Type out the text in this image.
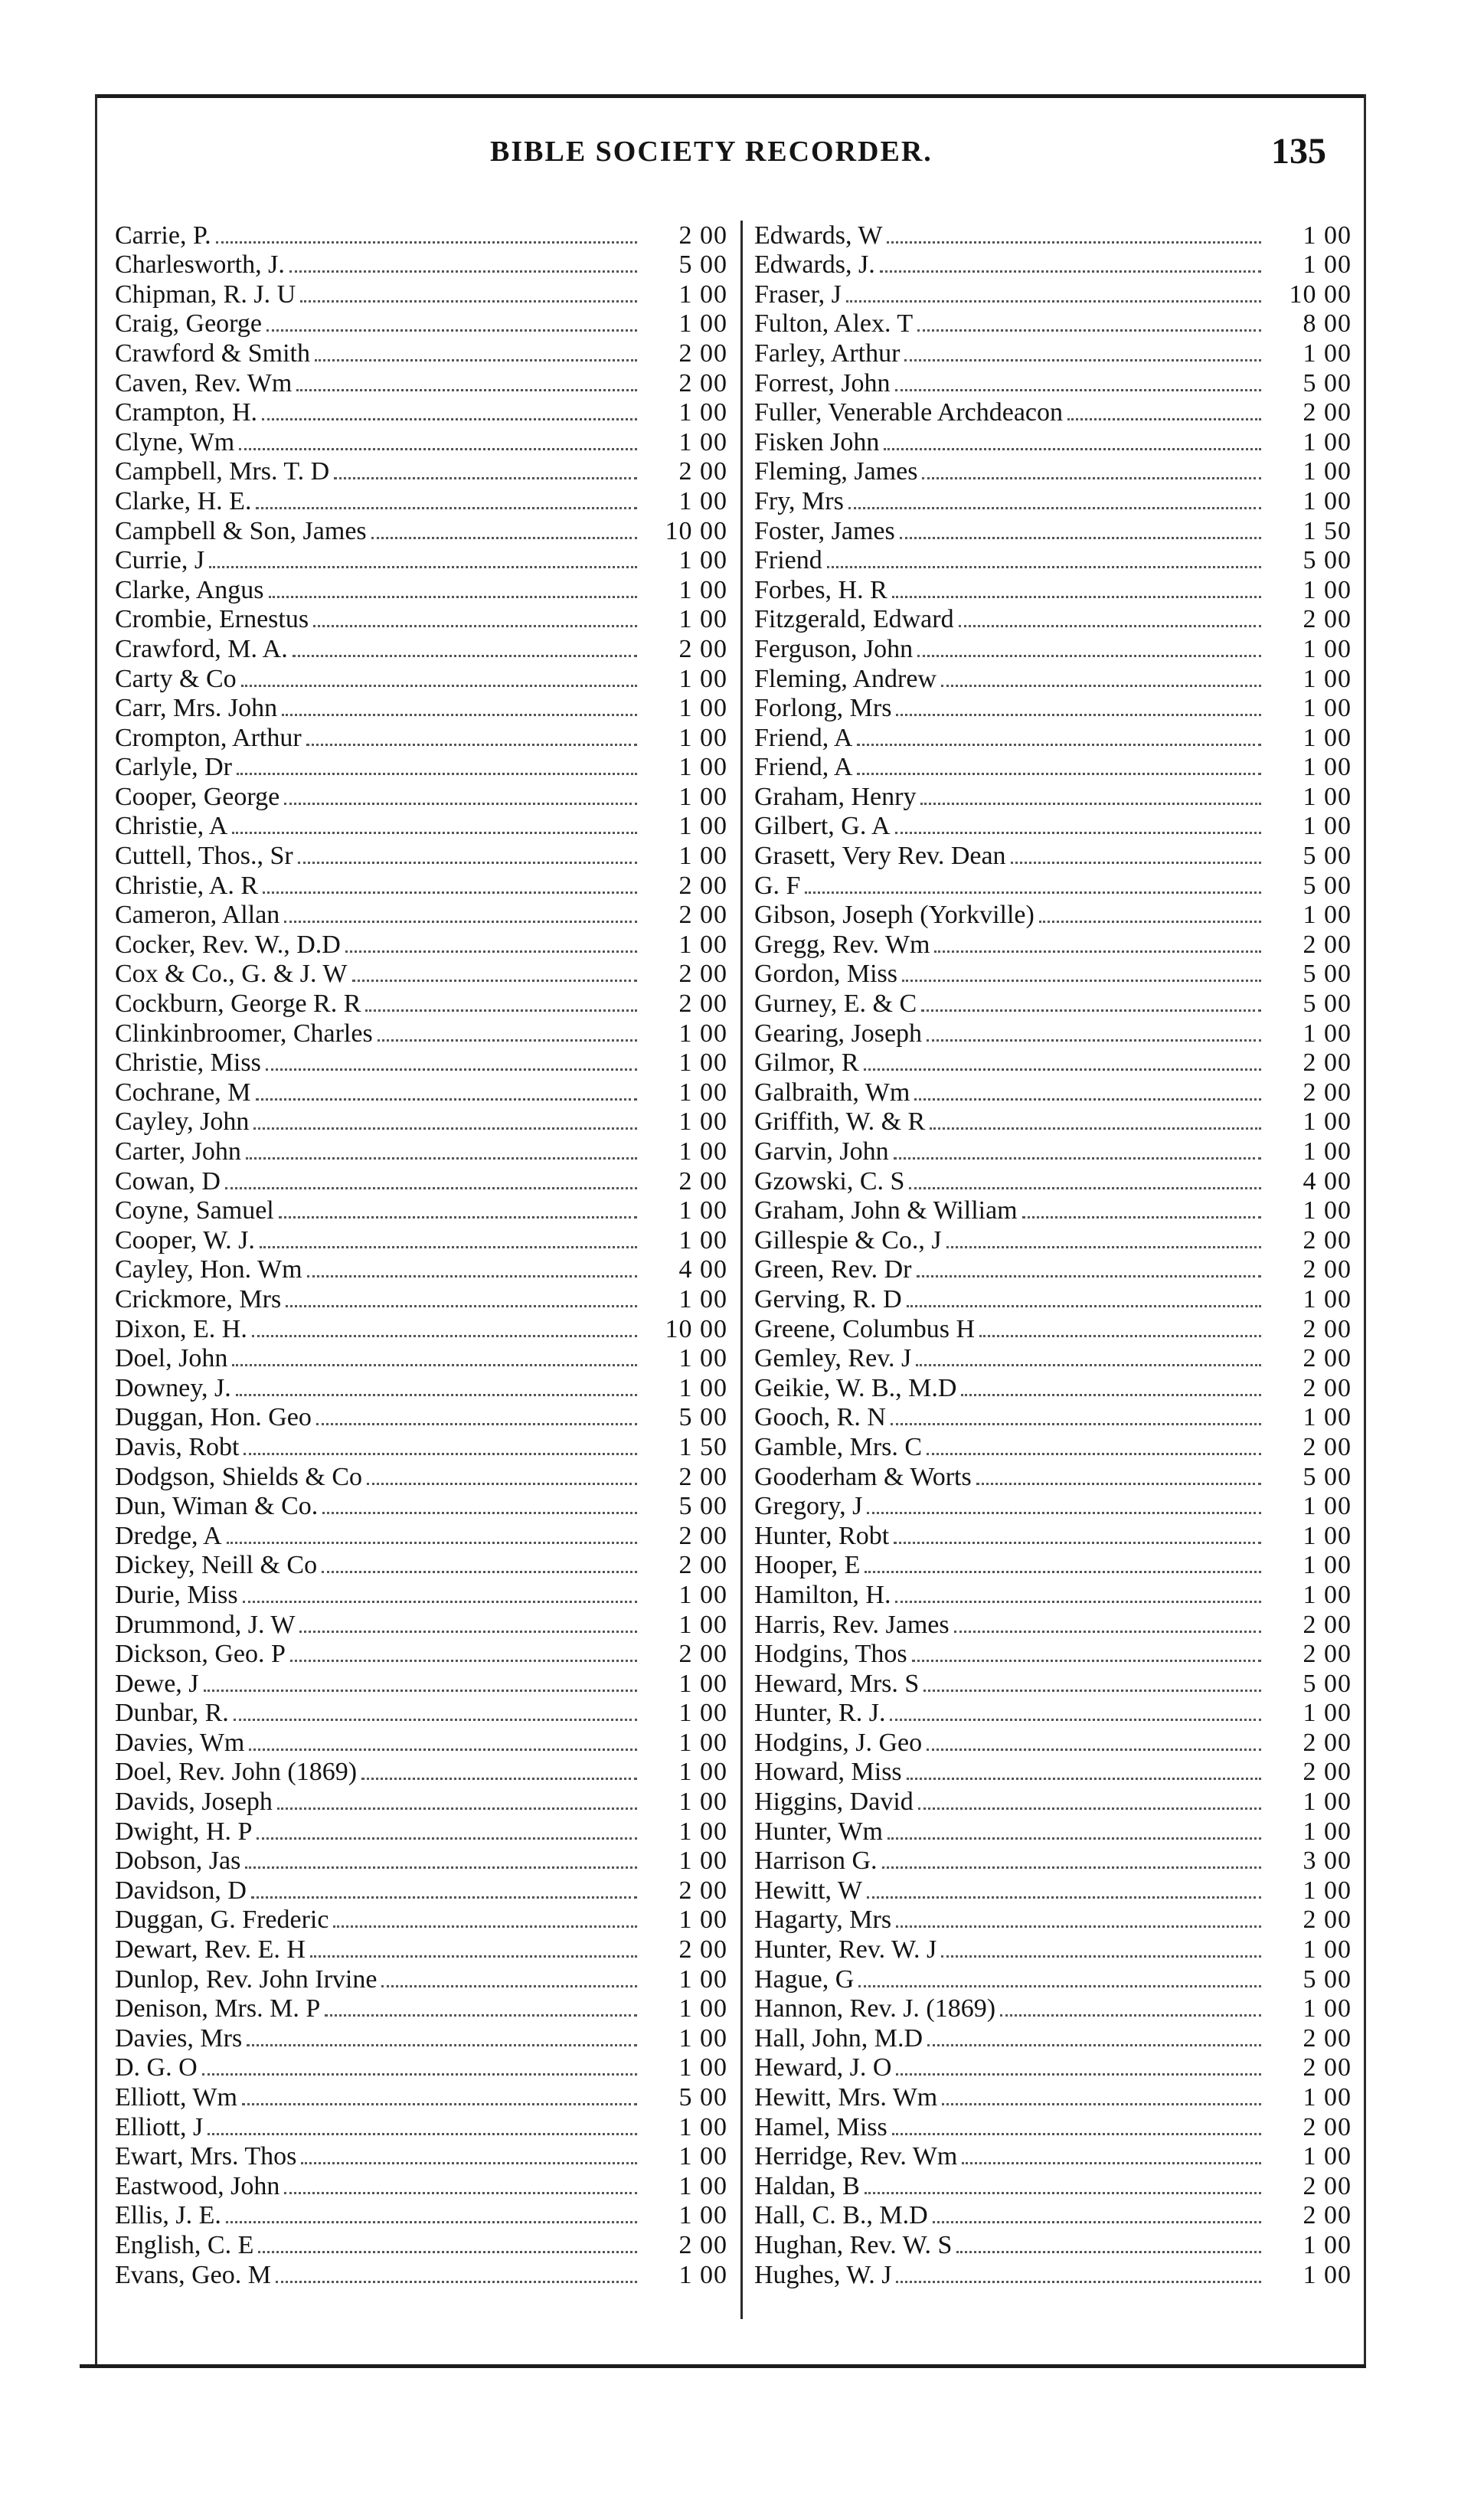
BIBLE SOCIETY RECORDER.	135
Carrie, P.	2 00
Charlesworth, J.	5 00
Chipman, R. J. U	1 00
Craig, George	1 00
Crawford & Smith	2 00
Caven, Rev. Wm	2 00
Crampton, H.	1 00
Clyne, Wm	1 00
Campbell, Mrs. T. D	2 00
Clarke, H. E.	1 00
Campbell & Son, James	10 00
Currie, J	1 00
Clarke, Angus	1 00
Crombie, Ernestus	1 00
Crawford, M. A.	2 00
Carty & Co	1 00
Carr, Mrs. John	1 00
Crompton, Arthur	1 00
Carlyle, Dr	1 00
Cooper, George	1 00
Christie, A	1 00
Cuttell, Thos., Sr	1 00
Christie, A. R	2 00
Cameron, Allan	2 00
Cocker, Rev. W., D.D	1 00
Cox & Co., G. & J. W	2 00
Cockburn, George R. R	2 00
Clinkinbroomer, Charles	1 00
Christie, Miss	1 00
Cochrane, M	1 00
Cayley, John	1 00
Carter, John	1 00
Cowan, D	2 00
Coyne, Samuel	1 00
Cooper, W. J.	1 00
Cayley, Hon. Wm	4 00
Crickmore, Mrs	1 00
Dixon, E. H.	10 00
Doel, John	1 00
Downey, J.	1 00
Duggan, Hon. Geo	5 00
Davis, Robt	1 50
Dodgson, Shields & Co	2 00
Dun, Wiman & Co.	5 00
Dredge, A	2 00
Dickey, Neill & Co	2 00
Durie, Miss	1 00
Drummond, J. W	1 00
Dickson, Geo. P	2 00
Dewe, J	1 00
Dunbar, R.	1 00
Davies, Wm	1 00
Doel, Rev. John (1869)	1 00
Davids, Joseph	1 00
Dwight, H. P	1 00
Dobson, Jas	1 00
Davidson, D	2 00
Duggan, G. Frederic	1 00
Dewart, Rev. E. H	2 00
Dunlop, Rev. John Irvine	1 00
Denison, Mrs. M. P	1 00
Davies, Mrs	1 00
D. G. O	1 00
Elliott, Wm	5 00
Elliott, J	1 00
Ewart, Mrs. Thos	1 00
Eastwood, John	1 00
Ellis, J. E.	1 00
English, C. E	2 00
Evans, Geo. M	1 00
Edwards, W	1 00
Edwards, J.	1 00
Fraser, J	10 00
Fulton, Alex. T	8 00
Farley, Arthur	1 00
Forrest, John	5 00
Fuller, Venerable Archdeacon	2 00
Fisken John	1 00
Fleming, James	1 00
Fry, Mrs	1 00
Foster, James	1 50
Friend	5 00
Forbes, H. R	1 00
Fitzgerald, Edward	2 00
Ferguson, John	1 00
Fleming, Andrew	1 00
Forlong, Mrs	1 00
Friend, A	1 00
Friend, A	1 00
Graham, Henry	1 00
Gilbert, G. A	1 00
Grasett, Very Rev. Dean	5 00
G. F	5 00
Gibson, Joseph (Yorkville)	1 00
Gregg, Rev. Wm	2 00
Gordon, Miss	5 00
Gurney, E. & C	5 00
Gearing, Joseph	1 00
Gilmor, R	2 00
Galbraith, Wm	2 00
Griffith, W. & R	1 00
Garvin, John	1 00
Gzowski, C. S	4 00
Graham, John & William	1 00
Gillespie & Co., J	2 00
Green, Rev. Dr	2 00
Gerving, R. D	1 00
Greene, Columbus H	2 00
Gemley, Rev. J	2 00
Geikie, W. B., M.D	2 00
Gooch, R. N	1 00
Gamble, Mrs. C	2 00
Gooderham & Worts	5 00
Gregory, J	1 00
Hunter, Robt	1 00
Hooper, E	1 00
Hamilton, H.	1 00
Harris, Rev. James	2 00
Hodgins, Thos	2 00
Heward, Mrs. S	5 00
Hunter, R. J.	1 00
Hodgins, J. Geo	2 00
Howard, Miss	2 00
Higgins, David	1 00
Hunter, Wm	1 00
Harrison G.	3 00
Hewitt, W	1 00
Hagarty, Mrs	2 00
Hunter, Rev. W. J	1 00
Hague, G	5 00
Hannon, Rev. J. (1869)	1 00
Hall, John, M.D	2 00
Heward, J. O	2 00
Hewitt, Mrs. Wm	1 00
Hamel, Miss	2 00
Herridge, Rev. Wm	1 00
Haldan, B	2 00
Hall, C. B., M.D	2 00
Hughan, Rev. W. S	1 00
Hughes, W. J	1 00
